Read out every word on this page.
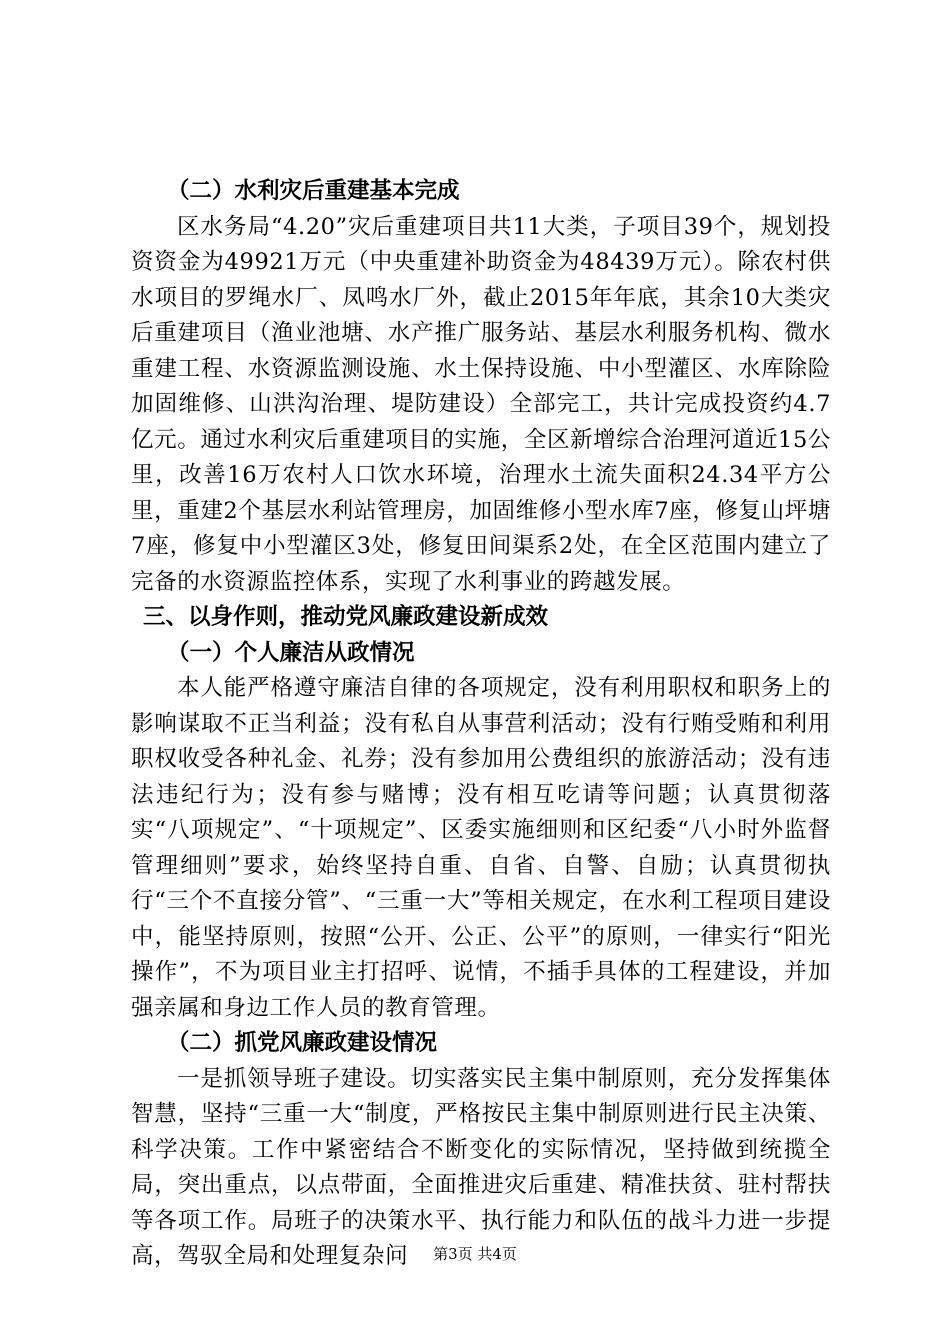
（二）水利灾后重建基本完成

区水务局“4.20”灾后重建项目共11大类，子项目39个，规划投资资金为49921万元（中央重建补助资金为48439万元）。除农村供水项目的罗绳水厂、凤鸣水厂外，截止2015年年底，其余10大类灾后重建项目（渔业池塘、水产推广服务站、基层水利服务机构、微水重建工程、水资源监测设施、水土保持设施、中小型灌区、水库除险加固维修、山洪沟治理、堤防建设）全部完工，共计完成投资约4.7亿元。通过水利灾后重建项目的实施，全区新增综合治理河道近15公里，改善16万农村人口饮水环境，治理水土流失面积24.34平方公里，重建2个基层水利站管理房，加固维修小型水库7座，修复山坪塘7座，修复中小型灌区3处，修复田间渠系2处，在全区范围内建立了完备的水资源监控体系，实现了水利事业的跨越发展。

三、以身作则，推动党风廉政建设新成效

（一）个人廉洁从政情况

本人能严格遵守廉洁自律的各项规定，没有利用职权和职务上的影响谋取不正当利益；没有私自从事营利活动；没有行贿受贿和利用职权收受各种礼金、礼券；没有参加用公费组织的旅游活动；没有违法违纪行为；没有参与赌博；没有相互吃请等问题；认真贯彻落实“八项规定”、“十项规定”、区委实施细则和区纪委“八小时外监督管理细则”要求，始终坚持自重、自省、自警、自励；认真贯彻执行“三个不直接分管”、“三重一大”等相关规定，在水利工程项目建设中，能坚持原则，按照“公开、公正、公平”的原则，一律实行“阳光操作”，不为项目业主打招呼、说情，不插手具体的工程建设，并加强亲属和身边工作人员的教育管理。

（二）抓党风廉政建设情况

一是抓领导班子建设。切实落实民主集中制原则，充分发挥集体智慧，坚持“三重一大“制度，严格按民主集中制原则进行民主决策、科学决策。工作中紧密结合不断变化的实际情况，坚持做到统揽全局，突出重点，以点带面，全面推进灾后重建、精准扶贫、驻村帮扶等各项工作。局班子的决策水平、执行能力和队伍的战斗力进一步提高，驾驭全局和处理复杂问	第3页 共4页
